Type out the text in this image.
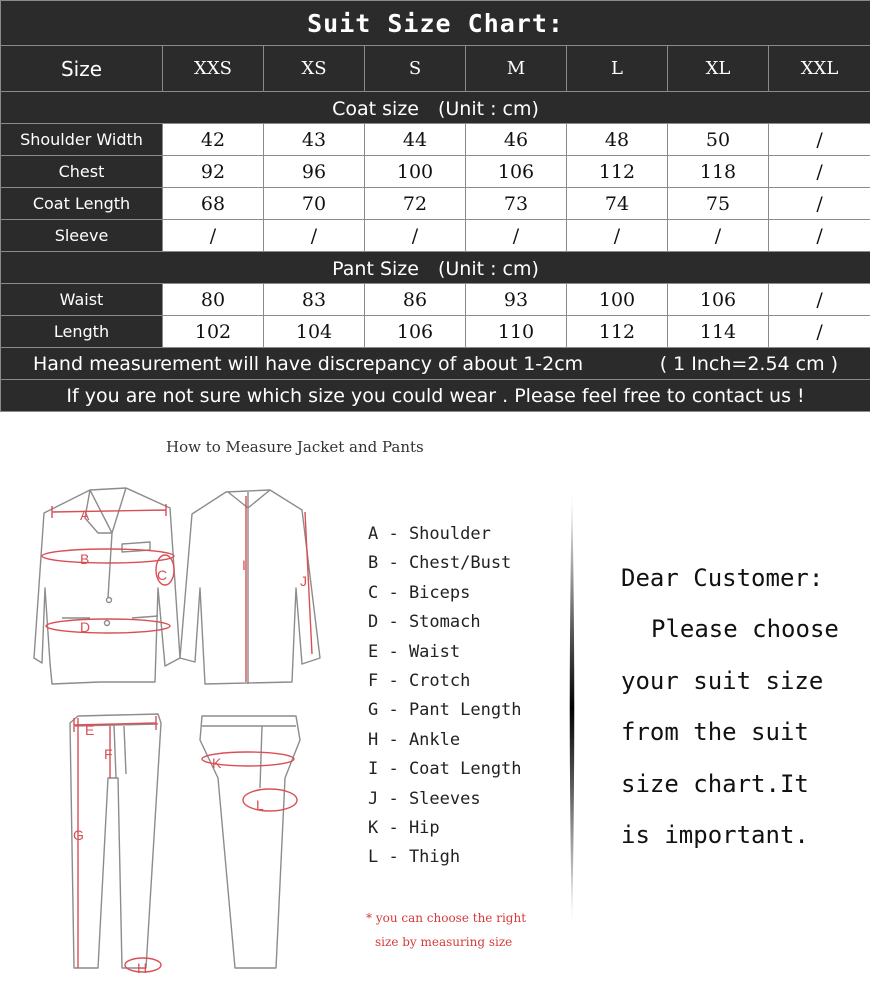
Suit Size Chart:							
Size	XXS	XS	S	M	L	XL	XXL
Coat size　(Unit : cm)							
Shoulder Width	42	43	44	46	48	50	/
Chest	92	96	100	106	112	118	/
Coat Length	68	70	72	73	74	75	/
Sleeve	/	/	/	/	/	/	/
Pant Size　(Unit : cm)							
Waist	80	83	86	93	100	106	/
Length	102	104	106	110	112	114	/

Hand measurement will have discrepancy of about 1-2cm ( 1 Inch=2.54 cm )							

If you are not sure which size you could wear . Please feel free to contact us !							
How to Measure Jacket and Pants
A
B
C
D
I
J
E
F
G
H
K
L
A - Shoulder
B - Chest/Bust
C - Biceps
D - Stomach
E - Waist
F - Crotch
G - Pant Length
H - Ankle
I - Coat Length
J - Sleeves
K - Hip
L - Thigh
* you can choose the right
size by measuring size
Dear Customer:
Please choose
your suit size
from the suit
size chart.It
is important.
